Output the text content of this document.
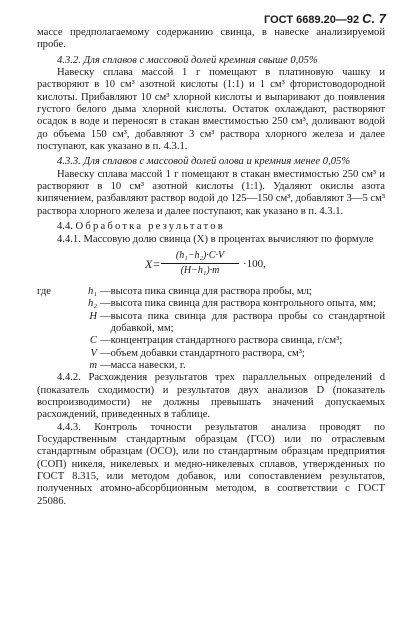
ГОСТ 6689.20—92 С. 7

массе предполагаемому содержанию свинца, в навеске анализируемой пробе.

4.3.2. Для сплавов с массовой долей кремния свыше 0,05%

Навеску сплава массой 1 г помещают в платиновую чашку и растворяют в 10 см³ азотной кислоты (1:1) и 1 см³ фтористоводородной кислоты. Прибавляют 10 см³ хлорной кислоты и выпаривают до появления густого белого дыма хлорной кислоты. Остаток охлаждают, растворяют осадок в воде и переносят в стакан вместимостью 250 см³, доливают водой до объема 150 см³, добавляют 3 см³ раствора хлорного железа и далее поступают, как указано в п. 4.3.1.

4.3.3. Для сплавов с массовой долей олова и кремния менее 0,05%

Навеску сплава массой 1 г помещают в стакан вместимостью 250 см³ и растворяют в 10 см³ азотной кислоты (1:1). Удаляют окислы азота кипячением, разбавляют раствор водой до 125—150 см³, добавляют 3—5 см³ раствора хлорного железа и далее поступают, как указано в п. 4.3.1.

4.4. Обработка результатов

4.4.1. Массовую долю свинца (X) в процентах вычисляют по формуле

$X= \frac{\text{(h₁−h₂)·C·V}}{\text{(H−h₁)·m}} \cdot 100$,
где	h₁	—	высота пика свинца для раствора пробы, мл;
	h₂	—	высота пика свинца для раствора контрольного опыта, мм;
	H	—	высота пика свинца для раствора пробы со стандартной добавкой, мм;
	C	—	концентрация стандартного раствора свинца, г/см³;
	V	—	объем добавки стандартного раствора, см³;
	m	—	масса навески, г.

4.4.2. Расхождения результатов трех параллельных определений d (показатель сходимости) и результатов двух анализов D (показатель воспроизводимости) не должны превышать значений допускаемых расхождений, приведенных в таблице.

4.4.3. Контроль точности результатов анализа проводят по Государственным стандартным образцам (ГСО) или по отраслевым стандартным образцам (ОСО), или по стандартным образцам предприятия (СОП) никеля, никелевых и медно-никелевых сплавов, утвержденных по ГОСТ 8.315, или методом добавок, или сопоставлением результатов, полученных атомно-абсорбционным методом, в соответствии с ГОСТ 25086.
